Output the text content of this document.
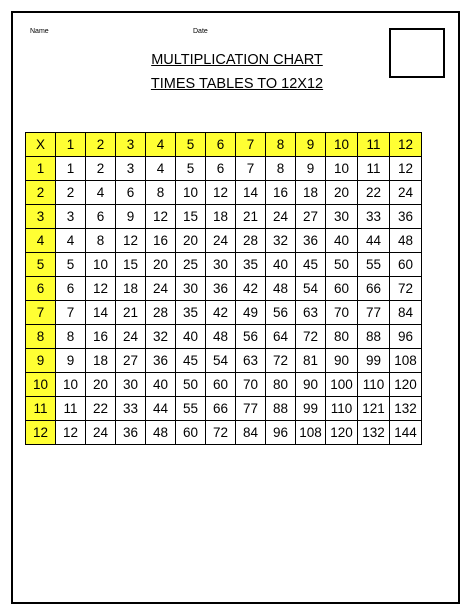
Name	Date
MULTIPLICATION CHART
TIMES TABLES TO 12X12
X	1	2	3	4	5	6	7	8	9	10	11	12
1	1	2	3	4	5	6	7	8	9	10	11	12
2	2	4	6	8	10	12	14	16	18	20	22	24
3	3	6	9	12	15	18	21	24	27	30	33	36
4	4	8	12	16	20	24	28	32	36	40	44	48
5	5	10	15	20	25	30	35	40	45	50	55	60
6	6	12	18	24	30	36	42	48	54	60	66	72
7	7	14	21	28	35	42	49	56	63	70	77	84
8	8	16	24	32	40	48	56	64	72	80	88	96
9	9	18	27	36	45	54	63	72	81	90	99	108
10	10	20	30	40	50	60	70	80	90	100	110	120
11	11	22	33	44	55	66	77	88	99	110	121	132
12	12	24	36	48	60	72	84	96	108	120	132	144
